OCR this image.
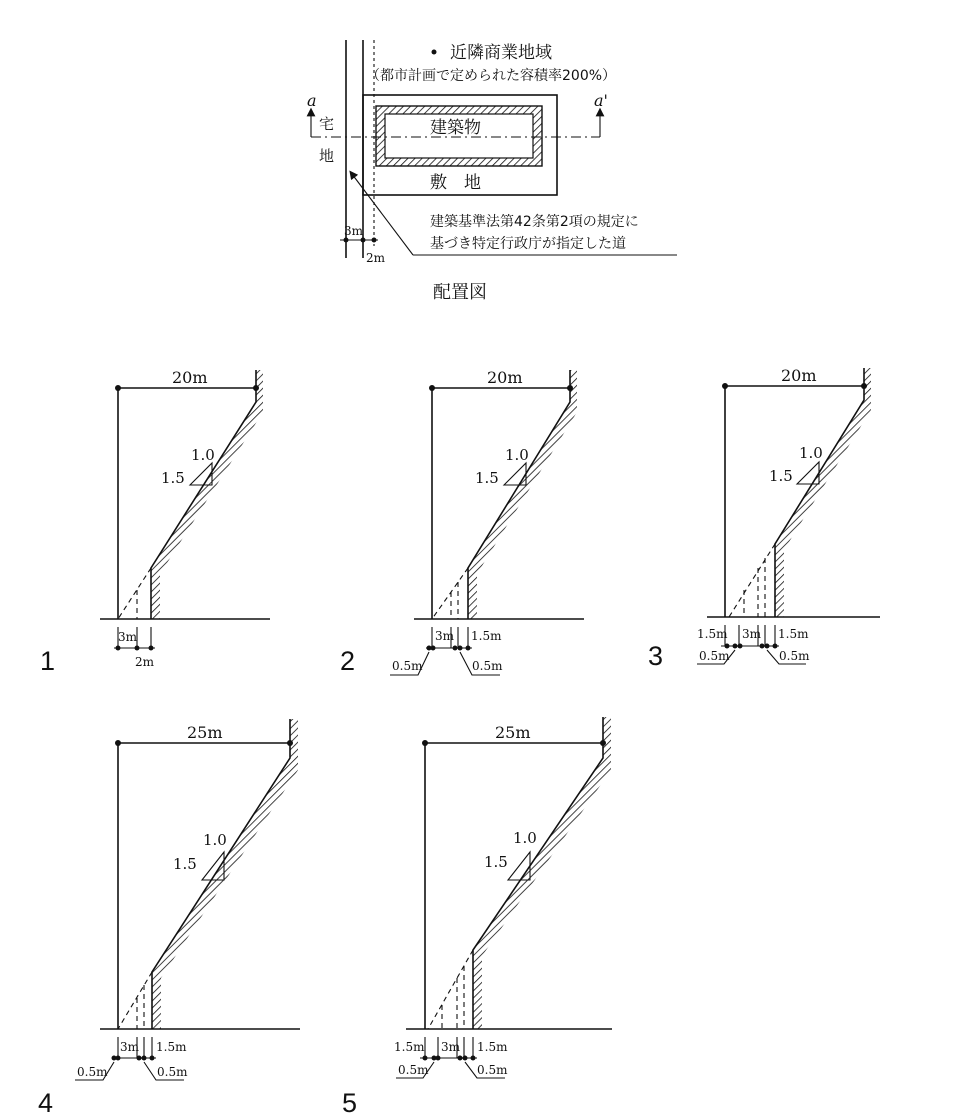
近隣商業地域
（都市計画で定められた容積率200%）
建築物
敷　地
a	a'
宅
地
建築基準法第42条第2項の規定に
基づき特定行政庁が指定した道
3m
2m
配置図
20m
1.0
1.5
3m
2m
1
20m
1.0
1.5
3m 1.5m
0.5m	0.5m
2
20m
1.0
1.5
1.5m 3m 1.5m
0.5m	0.5m
3
25m
1.0
1.5
3m 1.5m
0.5m	0.5m
4
25m
1.0
1.5
1.5m 3m 1.5m
0.5m	0.5m
5
